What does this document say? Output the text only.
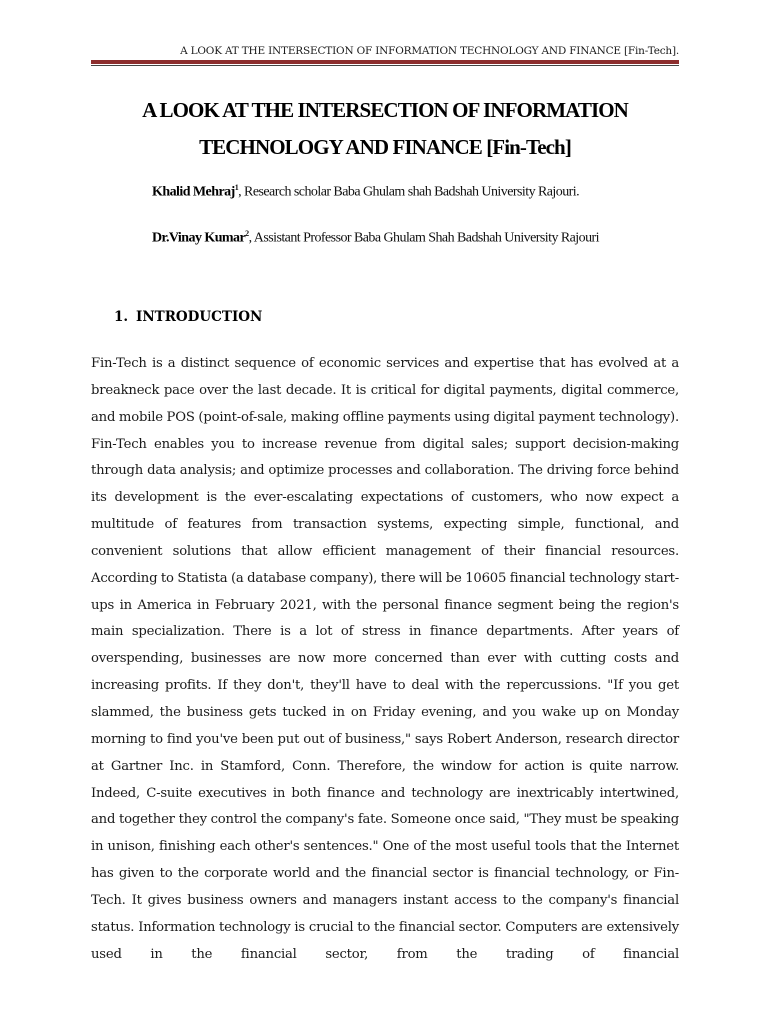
A LOOK AT THE INTERSECTION OF INFORMATION TECHNOLOGY AND FINANCE [Fin-Tech].
A LOOK AT THE INTERSECTION OF INFORMATION
TECHNOLOGY AND FINANCE [Fin-Tech]
Khalid Mehraj$^1$, Research scholar Baba Ghulam shah Badshah University Rajouri.
Dr.Vinay Kumar$^2$, Assistant Professor Baba Ghulam Shah Badshah University Rajouri
1. INTRODUCTION

Fin-Tech is a distinct sequence of economic services and expertise that has evolved at a breakneck pace over the last decade. It is critical for digital payments, digital commerce, and mobile POS (point-of-sale, making offline payments using digital payment technology). Fin-Tech enables you to increase revenue from digital sales; support decision-making through data analysis; and optimize processes and collaboration. The driving force behind its development is the ever-escalating expectations of customers, who now expect a multitude of features from transaction systems, expecting simple, functional, and convenient solutions that allow efficient management of their financial resources. According to Statista (a database company), there will be 10605 financial technology start-ups in America in February 2021, with the personal finance segment being the region's main specialization. There is a lot of stress in finance departments. After years of overspending, businesses are now more concerned than ever with cutting costs and increasing profits. If they don't, they'll have to deal with the repercussions. "If you get slammed, the business gets tucked in on Friday evening, and you wake up on Monday morning to find you've been put out of business," says Robert Anderson, research director at Gartner Inc. in Stamford, Conn. Therefore, the window for action is quite narrow. Indeed, C-suite executives in both finance and technology are inextricably intertwined, and together they control the company's fate. Someone once said, "They must be speaking in unison, finishing each other's sentences." One of the most useful tools that the Internet has given to the corporate world and the financial sector is financial technology, or Fin-Tech. It gives business owners and managers instant access to the company's financial status. Information technology is crucial to the financial sector. Computers are extensively used in the financial sector, from the trading of financial
